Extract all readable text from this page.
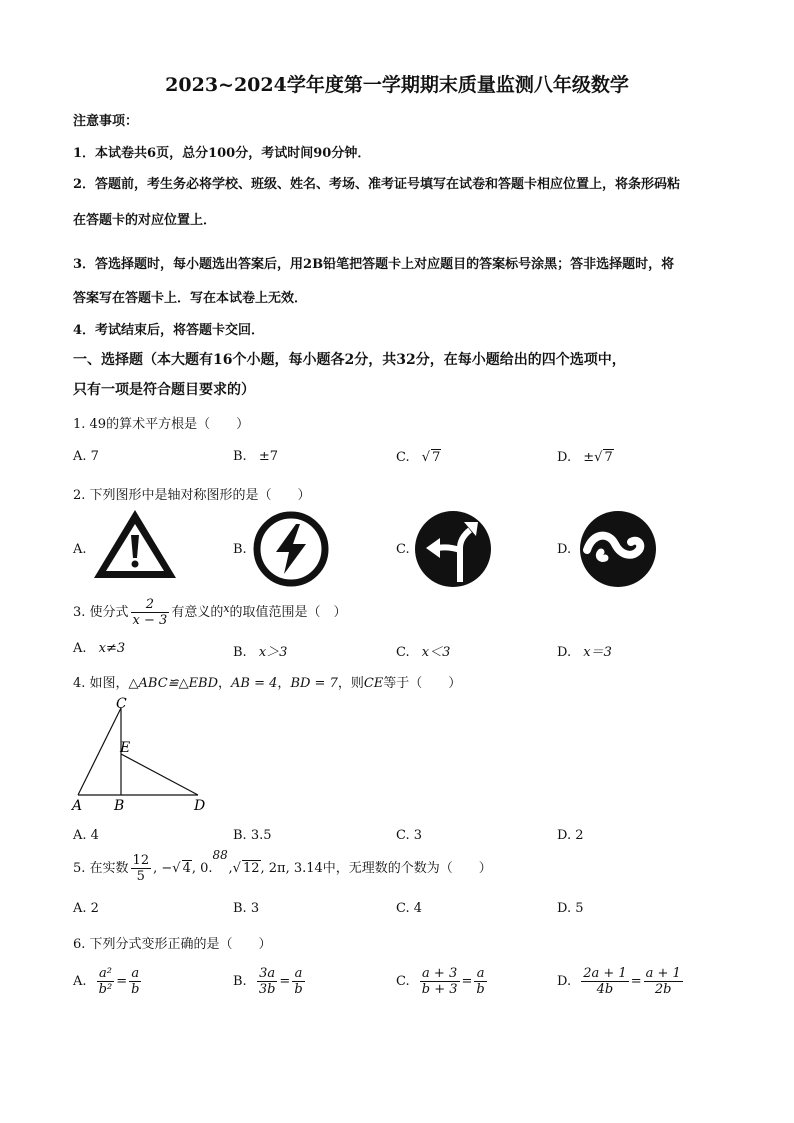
2023~2024学年度第一学期期末质量监测八年级数学
注意事项：
1．本试卷共6页，总分100分，考试时间90分钟．
2．答题前，考生务必将学校、班级、姓名、考场、准考证号填写在试卷和答题卡相应位置上，将条形码粘
在答题卡的对应位置上．
3．答选择题时，每小题选出答案后，用2B铅笔把答题卡上对应题目的答案标号涂黑；答非选择题时，将
答案写在答题卡上．写在本试卷上无效．
4．考试结束后，将答题卡交回．
一、选择题（本大题有16个小题，每小题各2分，共32分，在每小题给出的四个选项中，
只有一项是符合题目要求的）
1. 49的算术平方根是（　　）
A. 7	B. ±7	C. √ 7	D. ±√ 7
2. 下列图形中是轴对称图形的是（　　）
A.	B.	C.	D.
3. 使分式 $\frac{2}{x - 3}$ 有意义的$^x$的取值范围是（　）
A. x≠3	B. x＞3	C. x＜3	D. x＝3
4. 如图，△ABC≌△EBD，AB = 4，BD = 7，则CE等于（　　）
C
E
A B	D
A. 4	B. 3.5	C. 3	D. 2
5. 在实数 $\frac{12}{5}$ , −√ 4, 0.
88
,√ 12, 2π, 3.14中，无理数的个数为（　　）
A. 2	B. 3	C. 4	D. 5
6. 下列分式变形正确的是（　　）
A. $\frac{\text{a²}}{\text{b²}} = \frac{a}{b}$	B. $\frac{3a}{3b} = \frac{a}{b}$	C. $\frac{a + 3}{b + 3} = \frac{a}{b}$	D. $\frac{2a + 1}{4b} = \frac{a + 1}{2b}$
